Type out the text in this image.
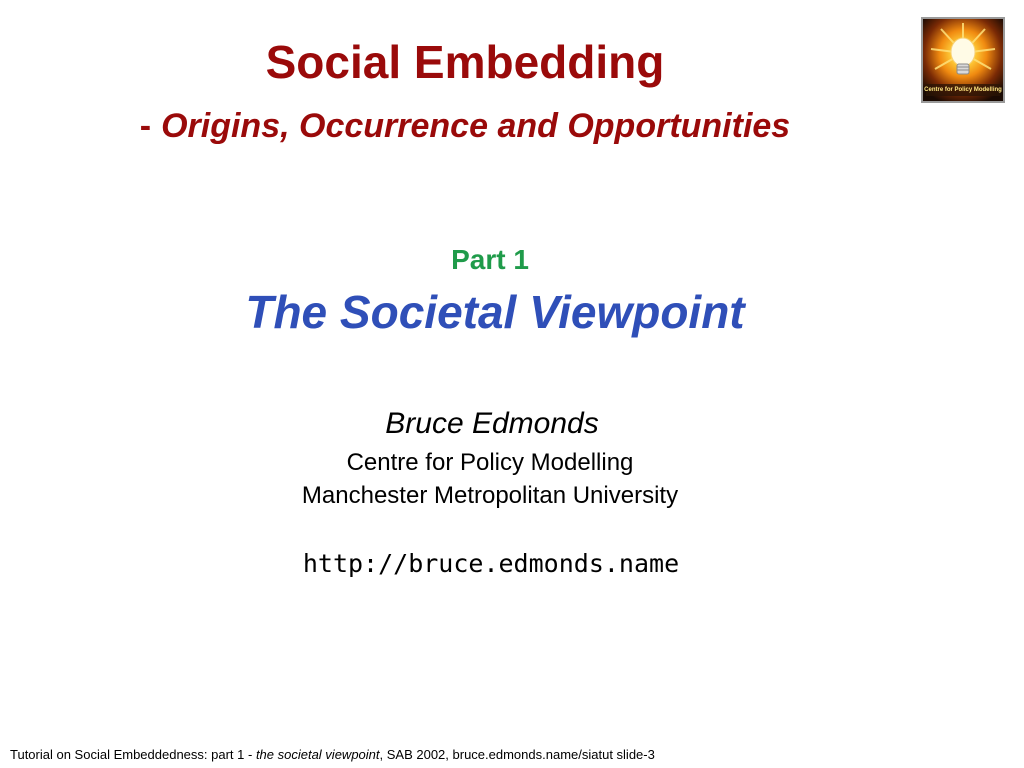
Social Embedding
- Origins, Occurrence and Opportunities
Centre for Policy Modelling
Part 1
The Societal Viewpoint
Bruce Edmonds
Centre for Policy Modelling
Manchester Metropolitan University
http://bruce.edmonds.name
Tutorial on Social Embeddedness: part 1 - the societal viewpoint, SAB 2002, bruce.edmonds.name/siatut slide-3
